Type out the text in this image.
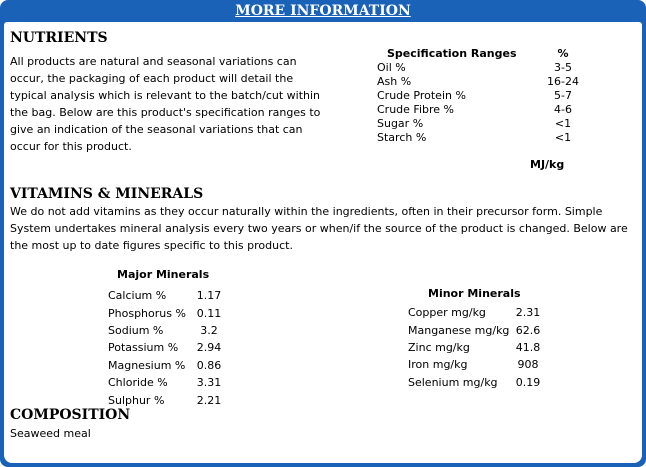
MORE INFORMATION
NUTRIENTS
All products are natural and seasonal variations can occur, the packaging of each product will detail the typical analysis which is relevant to the batch/cut within the bag. Below are this product's specification ranges to give an indication of the seasonal variations that can occur for this product.
Specification Ranges	%
Oil %	3-5
Ash %	16-24
Crude Protein %	5-7
Crude Fibre %	4-6
Sugar %	<1
Starch %	<1
MJ/kg
VITAMINS & MINERALS
We do not add vitamins as they occur naturally within the ingredients, often in their precursor form. Simple System undertakes mineral analysis every two years or when/if the source of the product is changed. Below are the most up to date figures specific to this product.
Major Minerals
Calcium %	1.17
Phosphorus %	0.11
Sodium %	3.2
Potassium %	2.94
Magnesium %	0.86
Chloride %	3.31
Sulphur %	2.21
Minor Minerals
Copper mg/kg	2.31
Manganese mg/kg	62.6
Zinc mg/kg	41.8
Iron mg/kg	908
Selenium mg/kg	0.19
COMPOSITION
Seaweed meal
